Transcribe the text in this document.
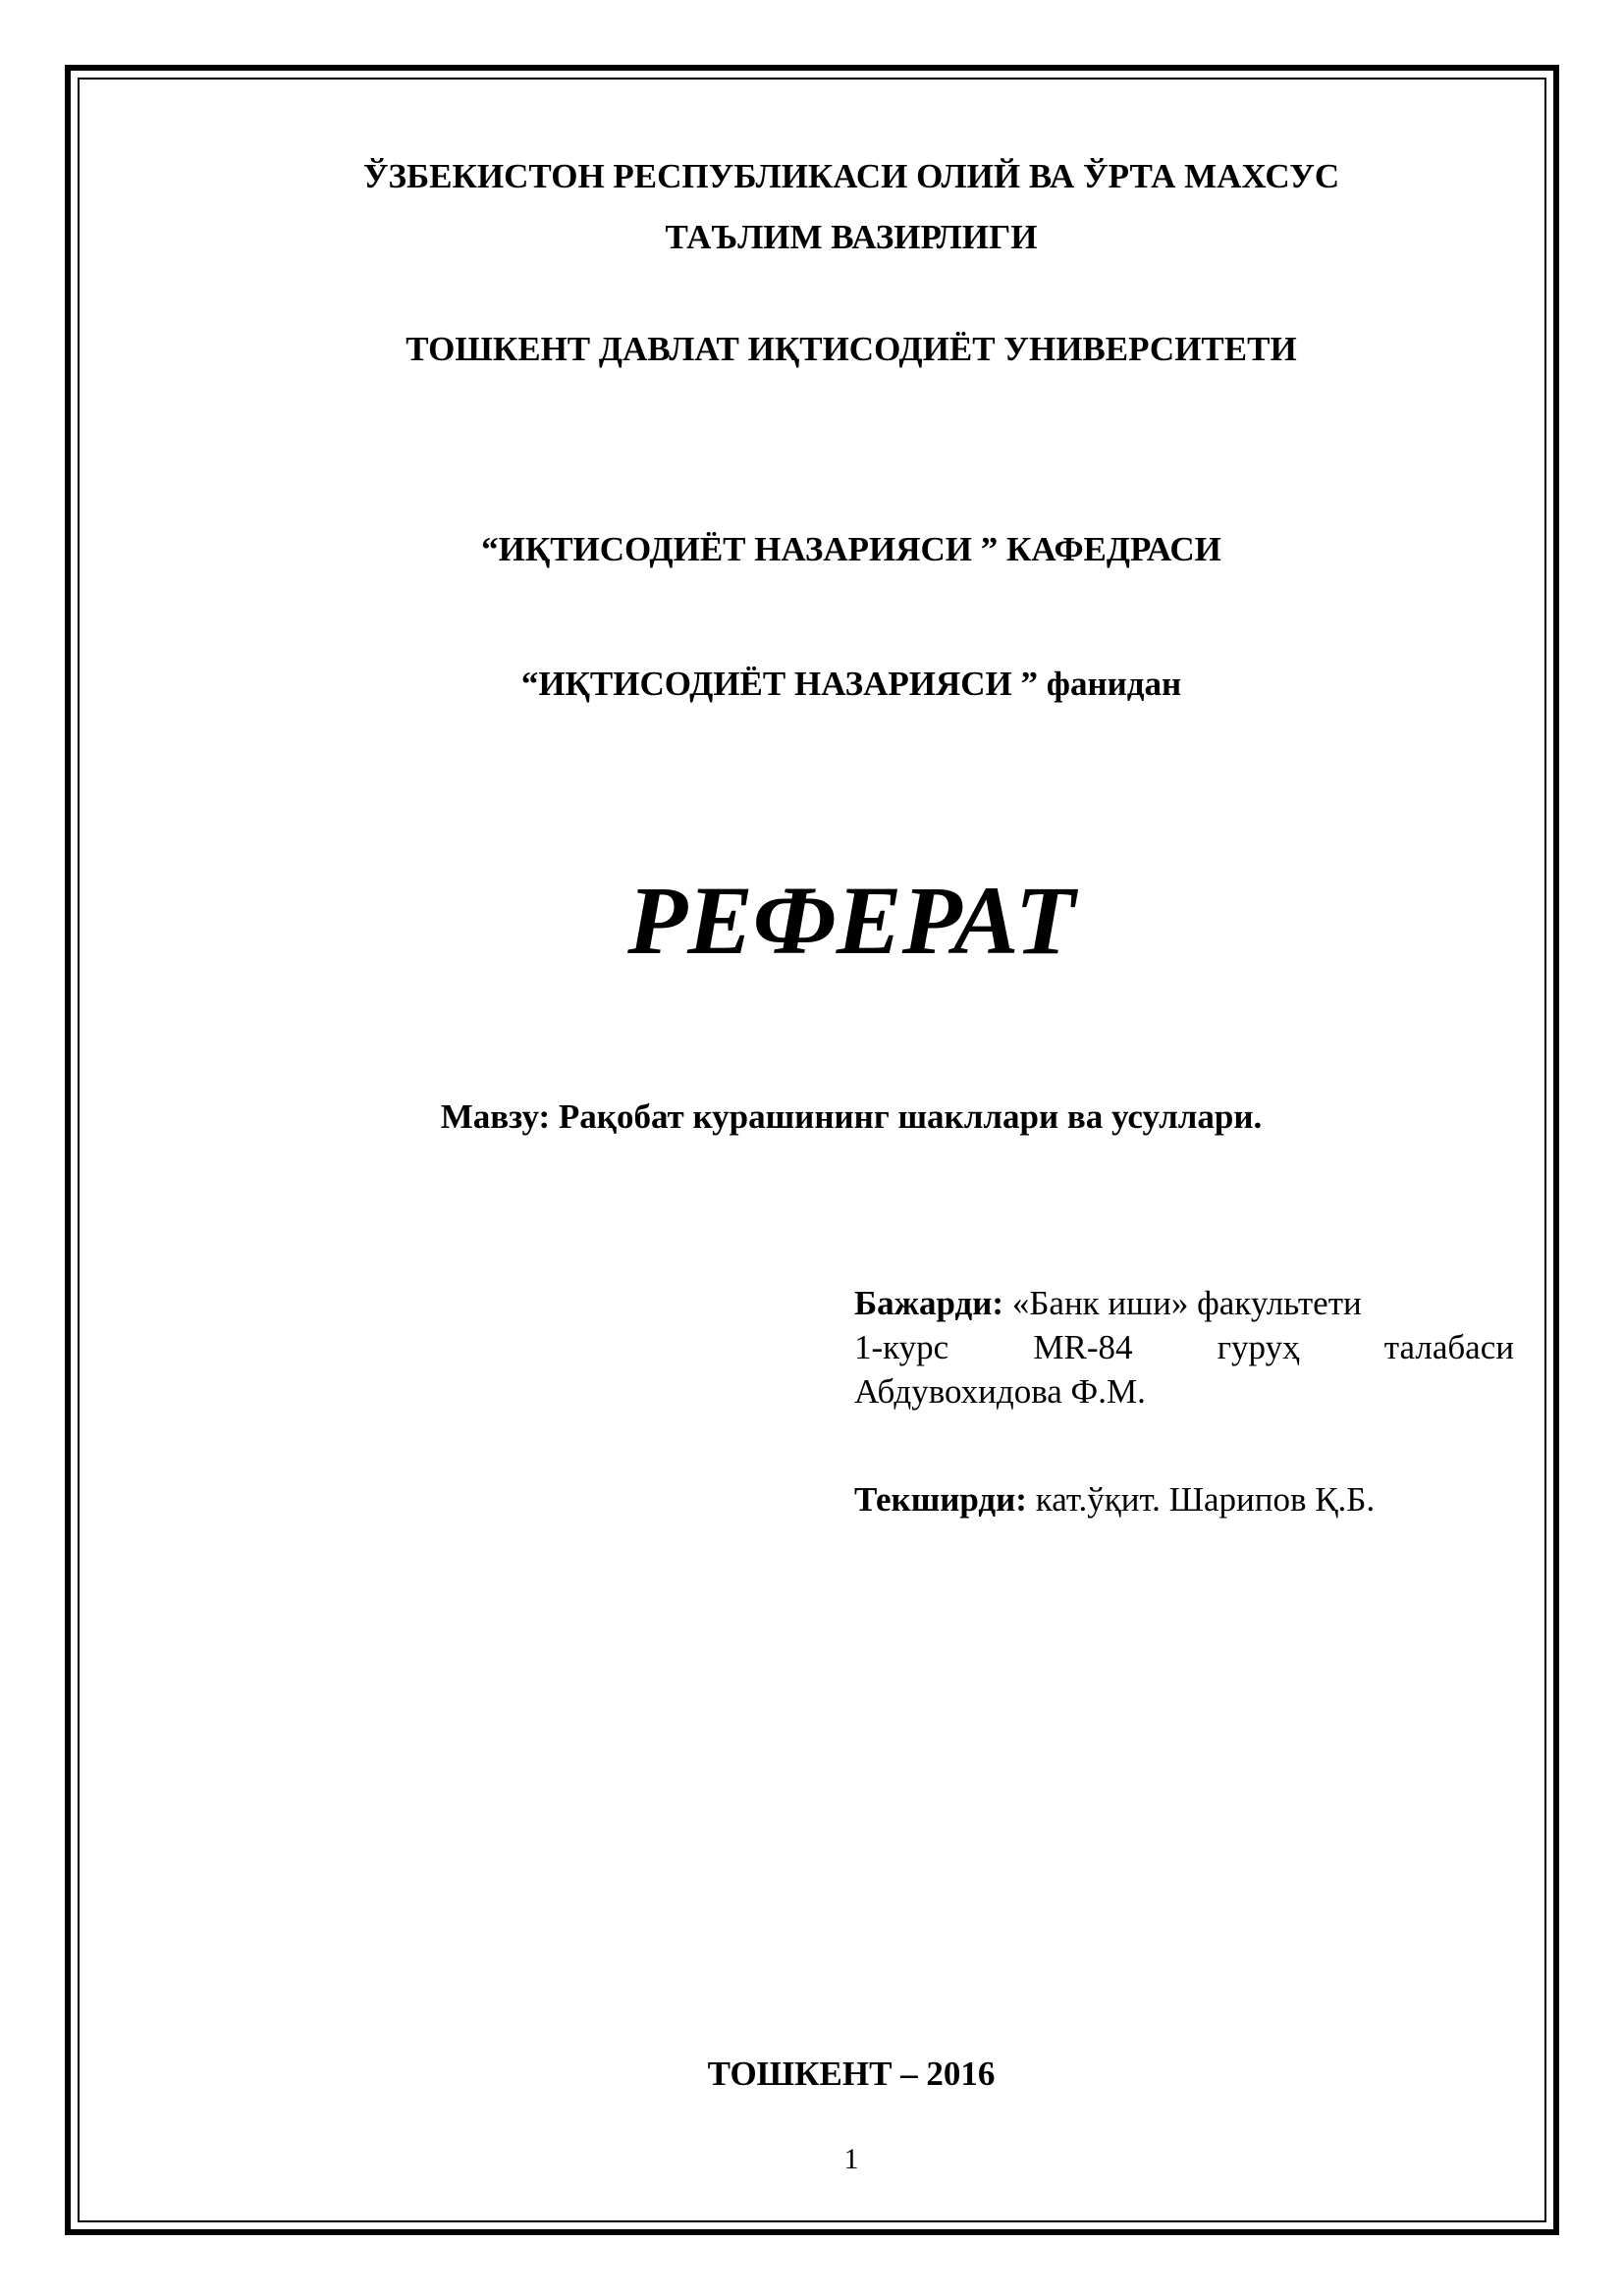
ЎЗБЕКИСТОН РЕСПУБЛИКАСИ ОЛИЙ ВА ЎРТА МАХСУС
ТАЪЛИМ ВАЗИРЛИГИ
ТОШКЕНТ ДАВЛАТ ИҚТИСОДИЁТ УНИВЕРСИТЕТИ
“ИҚТИСОДИЁТ НАЗАРИЯСИ ” КАФЕДРАСИ
“ИҚТИСОДИЁТ НАЗАРИЯСИ ” фанидан
РЕФЕРАТ
Мавзу: Рақобат курашининг шакллари ва усуллари.
Бажарди: «Банк иши» факультети
1-курс MR-84 гуруҳ талабаси
Абдувохидова Ф.М.
Текширди: кат.ўқит. Шарипов Қ.Б.
ТОШКЕНТ – 2016
1
